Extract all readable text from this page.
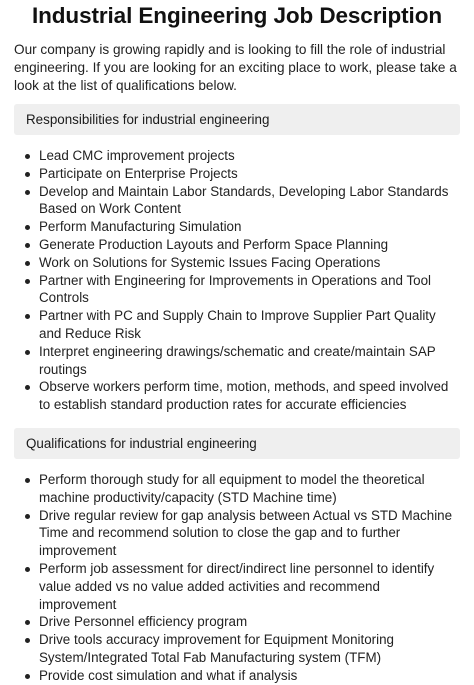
Industrial Engineering Job Description

Our company is growing rapidly and is looking to fill the role of industrial engineering. If you are looking for an exciting place to work, please take a look at the list of qualifications below.

Responsibilities for industrial engineering
Lead CMC improvement projects
Participate on Enterprise Projects
Develop and Maintain Labor Standards, Developing Labor Standards Based on Work Content
Perform Manufacturing Simulation
Generate Production Layouts and Perform Space Planning
Work on Solutions for Systemic Issues Facing Operations
Partner with Engineering for Improvements in Operations and Tool Controls
Partner with PC and Supply Chain to Improve Supplier Part Quality and Reduce Risk
Interpret engineering drawings/schematic and create/maintain SAP routings
Observe workers perform time, motion, methods, and speed involved to establish standard production rates for accurate efficiencies
Qualifications for industrial engineering
Perform thorough study for all equipment to model the theoretical machine productivity/capacity (STD Machine time)
Drive regular review for gap analysis between Actual vs STD Machine Time and recommend solution to close the gap and to further improvement
Perform job assessment for direct/indirect line personnel to identify value added vs no value added activities and recommend improvement
Drive Personnel efficiency program
Drive tools accuracy improvement for Equipment Monitoring System/Integrated Total Fab Manufacturing system (TFM)
Provide cost simulation and what if analysis
